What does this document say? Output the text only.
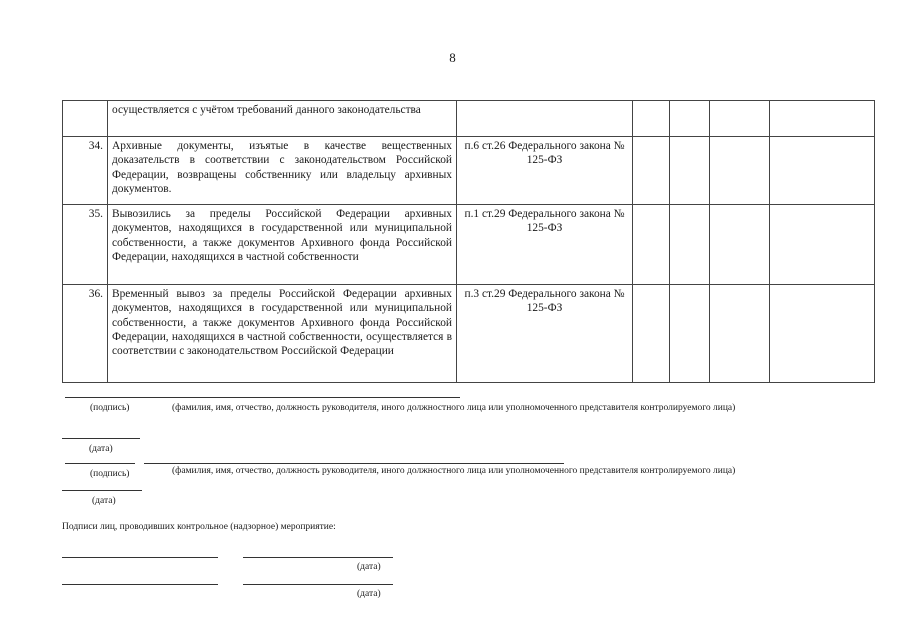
8
	осуществляется с учётом требований данного законодательства					
34.	Архивные документы, изъятые в качестве вещественных доказательств в соответствии с законодательством Российской Федерации, возвращены собственнику или владельцу архивных документов.	п.6 ст.26 Федерального закона № 125-ФЗ				
35.	Вывозились за пределы Российской Федерации архивных документов, находящихся в государственной или муниципальной собственности, а также документов Архивного фонда Российской Федерации, находящихся в частной собственности	п.1 ст.29 Федерального закона № 125-ФЗ				
36.	Временный вывоз за пределы Российской Федерации архивных документов, находящихся в государственной или муниципальной собственности, а также документов Архивного фонда Российской Федерации, находящихся в частной собственности, осуществляется в соответствии с законодательством Российской Федерации	п.3 ст.29 Федерального закона № 125-ФЗ				
(подпись)	(фамилия, имя, отчество, должность руководителя, иного должностного лица или уполномоченного представителя контролируемого лица)
(дата)
(подпись)	(фамилия, имя, отчество, должность руководителя, иного должностного лица или уполномоченного представителя контролируемого лица)
(дата)
Подписи лиц, проводивших контрольное (надзорное) мероприятие:
(дата)
(дата)
